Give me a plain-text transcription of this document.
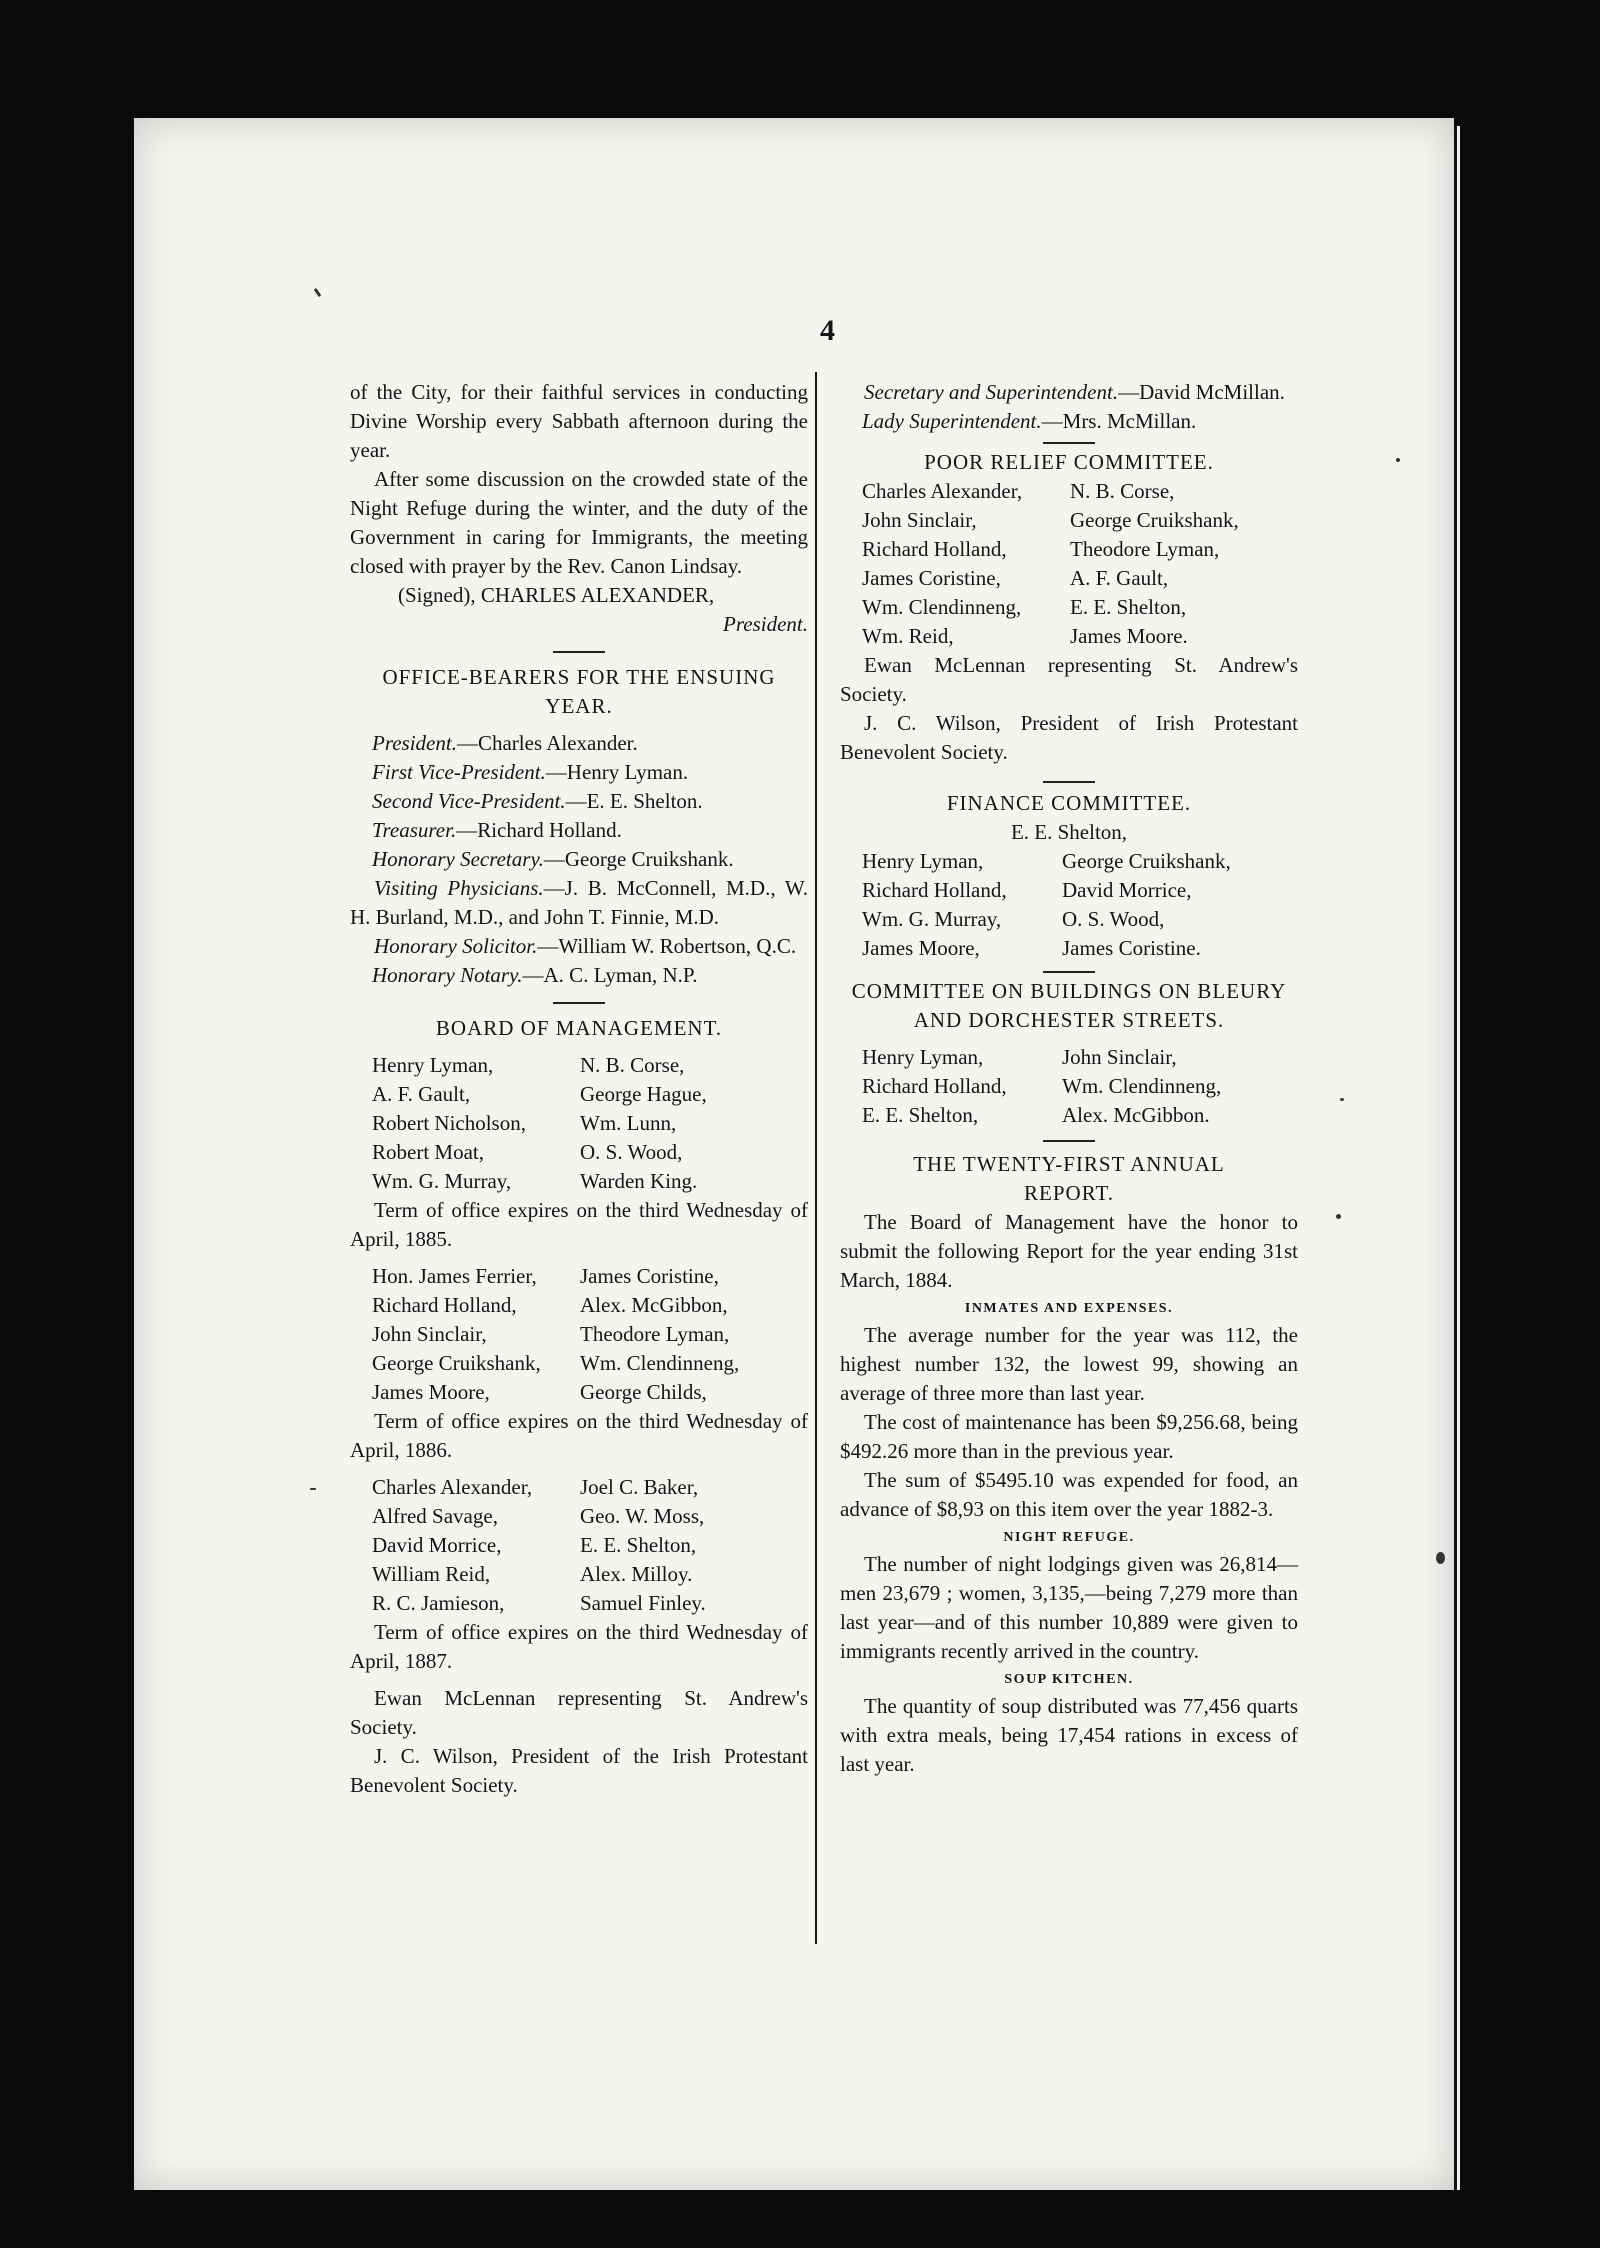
4

of the City, for their faithful services in conducting Divine Worship every Sabbath afternoon during the year.

After some discussion on the crowded state of the Night Refuge during the winter, and the duty of the Government in caring for Immigrants, the meeting closed with prayer by the Rev. Canon Lindsay.

(Signed), CHARLES ALEXANDER,

President.

OFFICE-BEARERS FOR THE ENSUING YEAR.

President.—Charles Alexander.

First Vice-President.—Henry Lyman.

Second Vice-President.—E. E. Shelton.

Treasurer.—Richard Holland.

Honorary Secretary.—George Cruikshank.

Visiting Physicians.—J. B. McConnell, M.D., W. H. Burland, M.D., and John T. Finnie, M.D.

Honorary Solicitor.—William W. Robertson, Q.C.

Honorary Notary.—A. C. Lyman, N.P.

BOARD OF MANAGEMENT.

Henry Lyman,	N. B. Corse,
A. F. Gault,	George Hague,
Robert Nicholson,	Wm. Lunn,
Robert Moat,	O. S. Wood,
Wm. G. Murray,	Warden King.

Term of office expires on the third Wednesday of April, 1885.

Hon. James Ferrier,	James Coristine,
Richard Holland,	Alex. McGibbon,
John Sinclair,	Theodore Lyman,
George Cruikshank,	Wm. Clendinneng,
James Moore,	George Childs,

Term of office expires on the third Wednesday of April, 1886.

Charles Alexander,	Joel C. Baker,
Alfred Savage,	Geo. W. Moss,
David Morrice,	E. E. Shelton,
William Reid,	Alex. Milloy.
R. C. Jamieson,	Samuel Finley.

Term of office expires on the third Wednesday of April, 1887.

Ewan McLennan representing St. Andrew's Society.

J. C. Wilson, President of the Irish Protestant Benevolent Society.

Secretary and Superintendent.—David McMillan.

Lady Superintendent.—Mrs. McMillan.

POOR RELIEF COMMITTEE.

Charles Alexander,	N. B. Corse,
John Sinclair,	George Cruikshank,
Richard Holland,	Theodore Lyman,
James Coristine,	A. F. Gault,
Wm. Clendinneng,	E. E. Shelton,
Wm. Reid,	James Moore.

Ewan McLennan representing St. Andrew's Society.

J. C. Wilson, President of Irish Protestant Benevolent Society.

FINANCE COMMITTEE.

E. E. Shelton,

Henry Lyman,	George Cruikshank,
Richard Holland,	David Morrice,
Wm. G. Murray,	O. S. Wood,
James Moore,	James Coristine.

COMMITTEE ON BUILDINGS ON BLEURY AND DORCHESTER STREETS.

Henry Lyman,	John Sinclair,
Richard Holland,	Wm. Clendinneng,
E. E. Shelton,	Alex. McGibbon.

THE TWENTY-FIRST ANNUAL REPORT.

The Board of Management have the honor to submit the following Report for the year ending 31st March, 1884.

INMATES AND EXPENSES.

The average number for the year was 112, the highest number 132, the lowest 99, showing an average of three more than last year.

The cost of maintenance has been $9,256.68, being $492.26 more than in the previous year.

The sum of $5495.10 was expended for food, an advance of $8,93 on this item over the year 1882-3.

NIGHT REFUGE.

The number of night lodgings given was 26,814—men 23,679 ; women, 3,135,—being 7,279 more than last year—and of this number 10,889 were given to immigrants recently arrived in the country.

SOUP KITCHEN.

The quantity of soup distributed was 77,456 quarts with extra meals, being 17,454 rations in excess of last year.
